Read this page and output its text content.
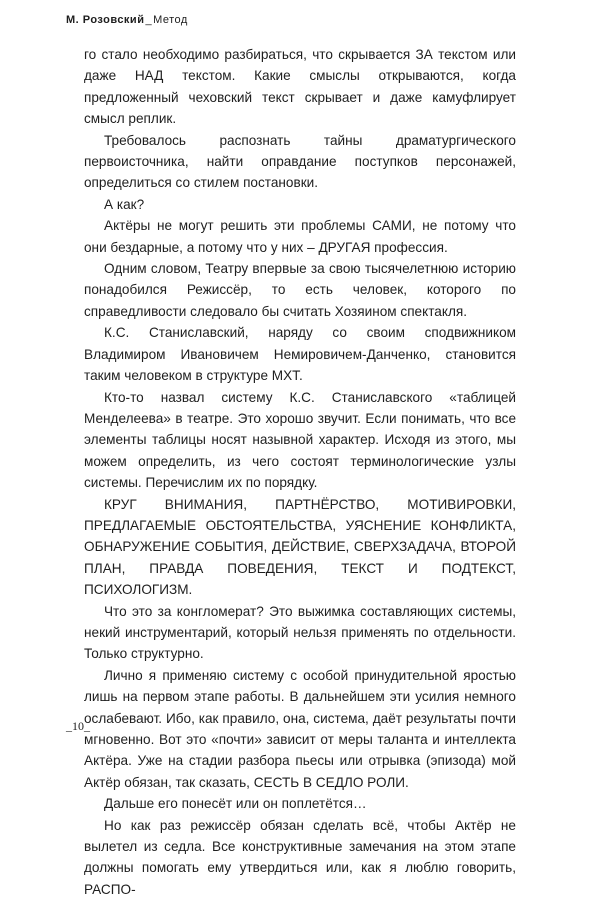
М. Розовский_Метод

го стало необходимо разбираться, что скрывается ЗА текстом или даже НАД текстом. Какие смыслы открываются, когда предложенный чеховский текст скрывает и даже камуфлирует смысл реплик.

Требовалось распознать тайны драматургического первоисточника, найти оправдание поступков персонажей, определиться со стилем постановки.

А как?

Актёры не могут решить эти проблемы САМИ, не потому что они бездарные, а потому что у них – ДРУГАЯ профессия.

Одним словом, Театру впервые за свою тысячелетнюю историю понадобился Режиссёр, то есть человек, которого по справедливости следовало бы считать Хозяином спектакля.

К.С. Станиславский, наряду со своим сподвижником Владимиром Ивановичем Немировичем-Данченко, становится таким человеком в структуре МХТ.

Кто-то назвал систему К.С. Станиславского «таблицей Менделеева» в театре. Это хорошо звучит. Если понимать, что все элементы таблицы носят назывной характер. Исходя из этого, мы можем определить, из чего состоят терминологические узлы системы. Перечислим их по порядку.

КРУГ ВНИМАНИЯ, ПАРТНЁРСТВО, МОТИВИРОВКИ, ПРЕДЛАГАЕМЫЕ ОБСТОЯТЕЛЬСТВА, УЯСНЕНИЕ КОНФЛИКТА, ОБНАРУЖЕНИЕ СОБЫТИЯ, ДЕЙСТВИЕ, СВЕРХЗАДАЧА, ВТОРОЙ ПЛАН, ПРАВДА ПОВЕДЕНИЯ, ТЕКСТ И ПОДТЕКСТ, ПСИХОЛОГИЗМ.

Что это за конгломерат? Это выжимка составляющих системы, некий инструментарий, который нельзя применять по отдельности. Только структурно.

Лично я применяю систему с особой принудительной яростью лишь на первом этапе работы. В дальнейшем эти усилия немного ослабевают. Ибо, как правило, она, система, даёт результаты почти мгновенно. Вот это «почти» зависит от меры таланта и интеллекта Актёра. Уже на стадии разбора пьесы или отрывка (эпизода) мой Актёр обязан, так сказать, СЕСТЬ В СЕДЛО РОЛИ.

Дальше его понесёт или он поплетётся…

Но как раз режиссёр обязан сделать всё, чтобы Актёр не вылетел из седла. Все конструктивные замечания на этом этапе должны помогать ему утвердиться или, как я люблю говорить, РАСПО-

_10_
